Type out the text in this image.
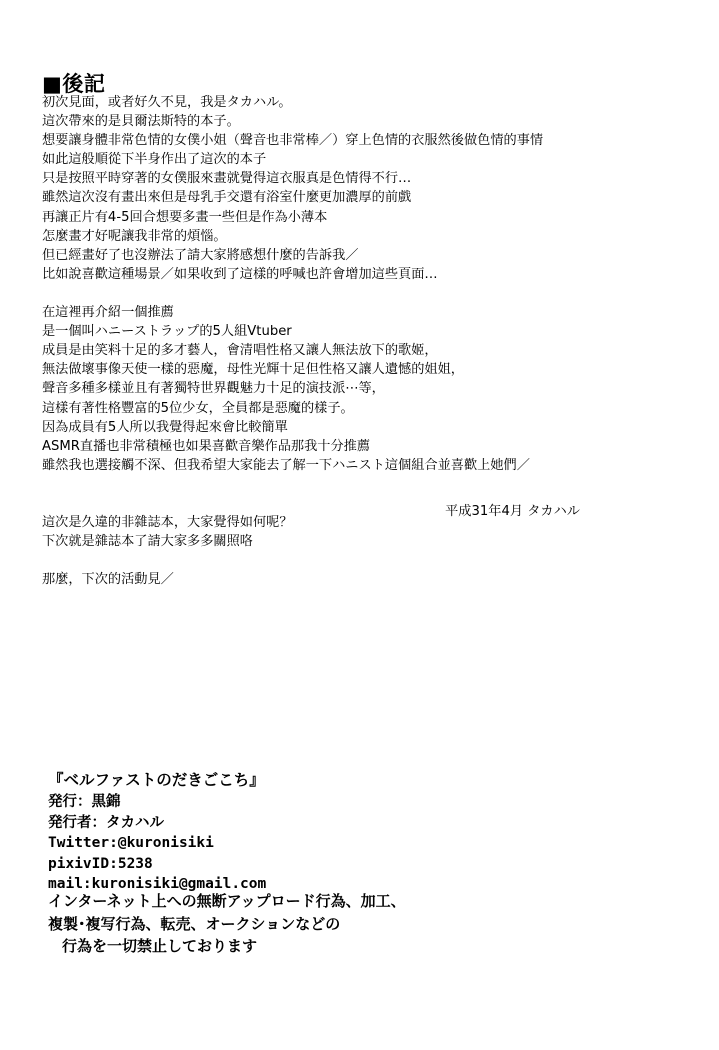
■後記
初次見面，或者好久不見，我是タカハル。
這次帶來的是貝爾法斯特的本子。
想要讓身體非常色情的女僕小姐（聲音也非常棒／）穿上色情的衣服然後做色情的事情
如此這般順從下半身作出了這次的本子
只是按照平時穿著的女僕服來畫就覺得這衣服真是色情得不行…
雖然這次沒有畫出來但是母乳手交還有浴室什麼更加濃厚的前戲
再讓正片有4-5回合想要多畫一些但是作為小薄本
怎麼畫才好呢讓我非常的煩惱。
但已經畫好了也沒辦法了請大家將感想什麼的告訴我／
比如說喜歡這種場景／如果收到了這樣的呼喊也許會增加這些頁面…
在這裡再介紹一個推薦
是一個叫ハニーストラップ的5人組Vtuber
成員是由笑料十足的多才藝人，會清唱性格又讓人無法放下的歌姬，
無法做壞事像天使一樣的惡魔，母性光輝十足但性格又讓人遺憾的姐姐，
聲音多種多樣並且有著獨特世界觀魅力十足的演技派⋯等，
這樣有著性格豐富的5位少女，全員都是惡魔的樣子。
因為成員有5人所以我覺得起來會比較簡單
ASMR直播也非常積極也如果喜歡音樂作品那我十分推薦
雖然我也選接觸不深、但我希望大家能去了解一下ハニスト這個組合並喜歡上她們／
這次是久違的非雜誌本，大家覺得如何呢？
下次就是雜誌本了請大家多多關照咯
那麼，下次的活動見／
平成31年4月 タカハル
『ベルファストのだきごこち』
発行：黒錦
発行者：タカハル
Twitter:@kuronisiki
pixivID:5238
mail:kuronisiki@gmail.com
インターネット上への無断アップロード行為、加工、
複製･複写行為、転売、オークションなどの
行為を一切禁止しております
